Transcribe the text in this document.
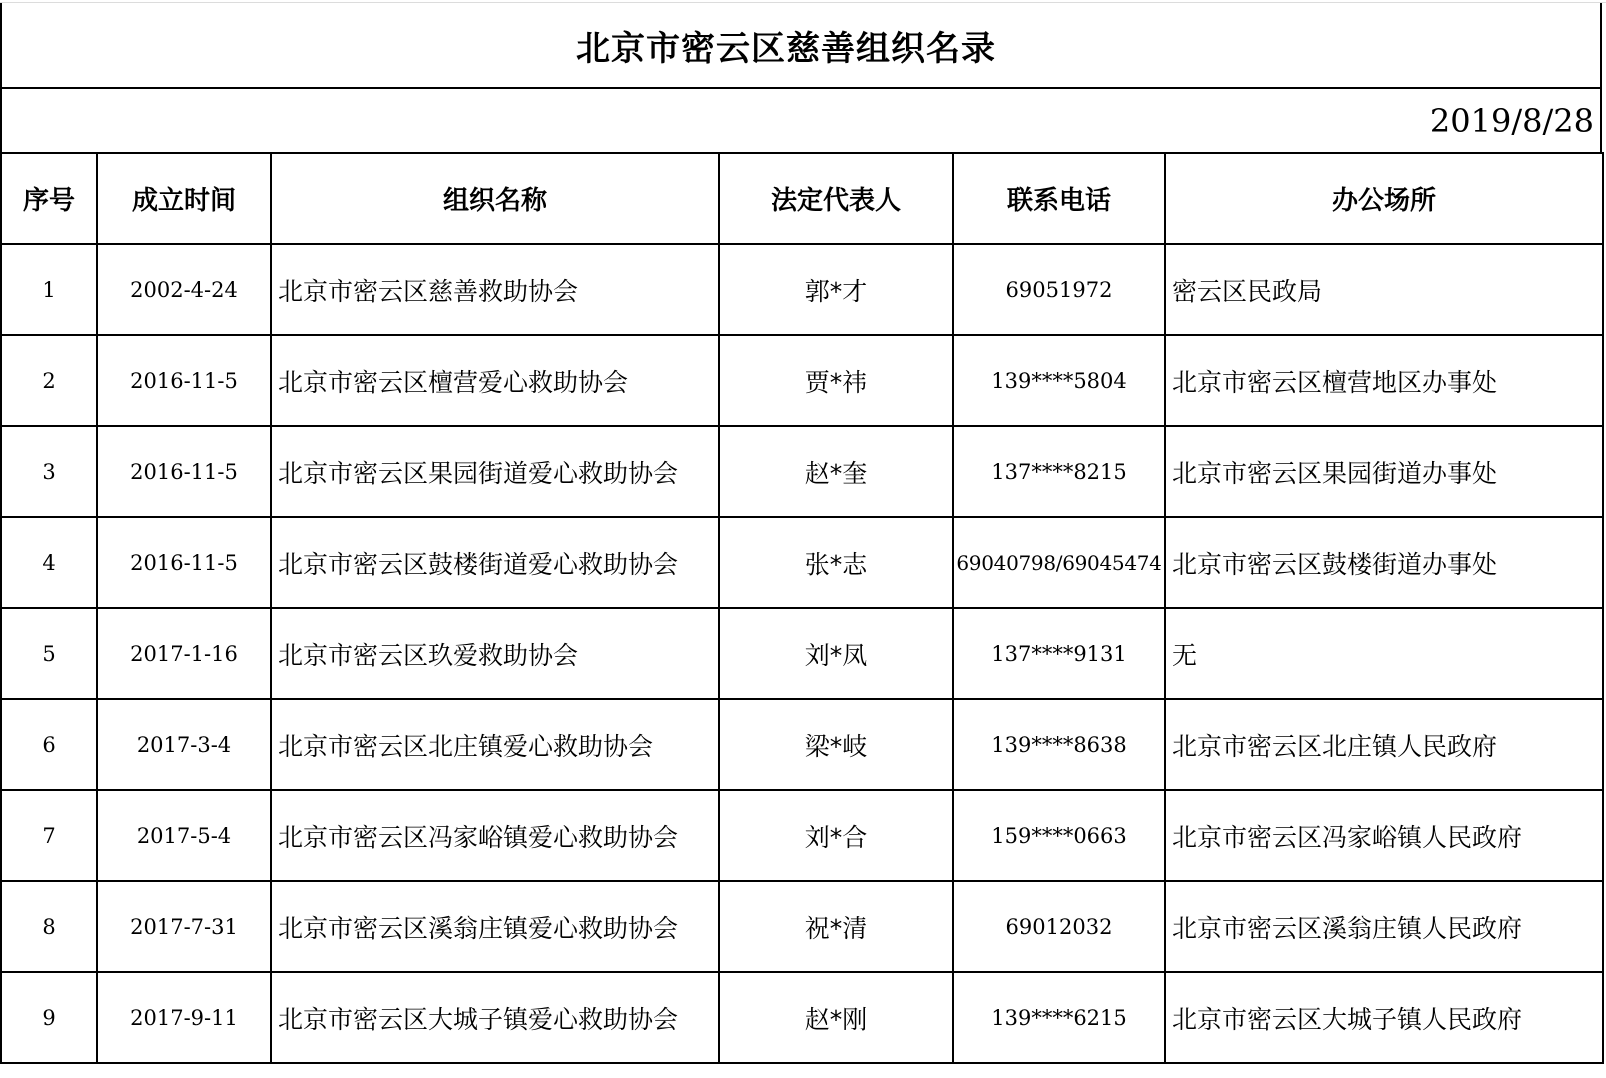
北京市密云区慈善组织名录
2019/8/28
序号	成立时间	组织名称	法定代表人	联系电话	办公场所
1	2002-4-24	北京市密云区慈善救助协会	郭*才	69051972	密云区民政局
2	2016-11-5	北京市密云区檀营爱心救助协会	贾*祎	139****5804	北京市密云区檀营地区办事处
3	2016-11-5	北京市密云区果园街道爱心救助协会	赵*奎	137****8215	北京市密云区果园街道办事处
4	2016-11-5	北京市密云区鼓楼街道爱心救助协会	张*志	69040798/69045474	北京市密云区鼓楼街道办事处
5	2017-1-16	北京市密云区玖爱救助协会	刘*凤	137****9131	无
6	2017-3-4	北京市密云区北庄镇爱心救助协会	梁*岐	139****8638	北京市密云区北庄镇人民政府
7	2017-5-4	北京市密云区冯家峪镇爱心救助协会	刘*合	159****0663	北京市密云区冯家峪镇人民政府
8	2017-7-31	北京市密云区溪翁庄镇爱心救助协会	祝*清	69012032	北京市密云区溪翁庄镇人民政府
9	2017-9-11	北京市密云区大城子镇爱心救助协会	赵*刚	139****6215	北京市密云区大城子镇人民政府
